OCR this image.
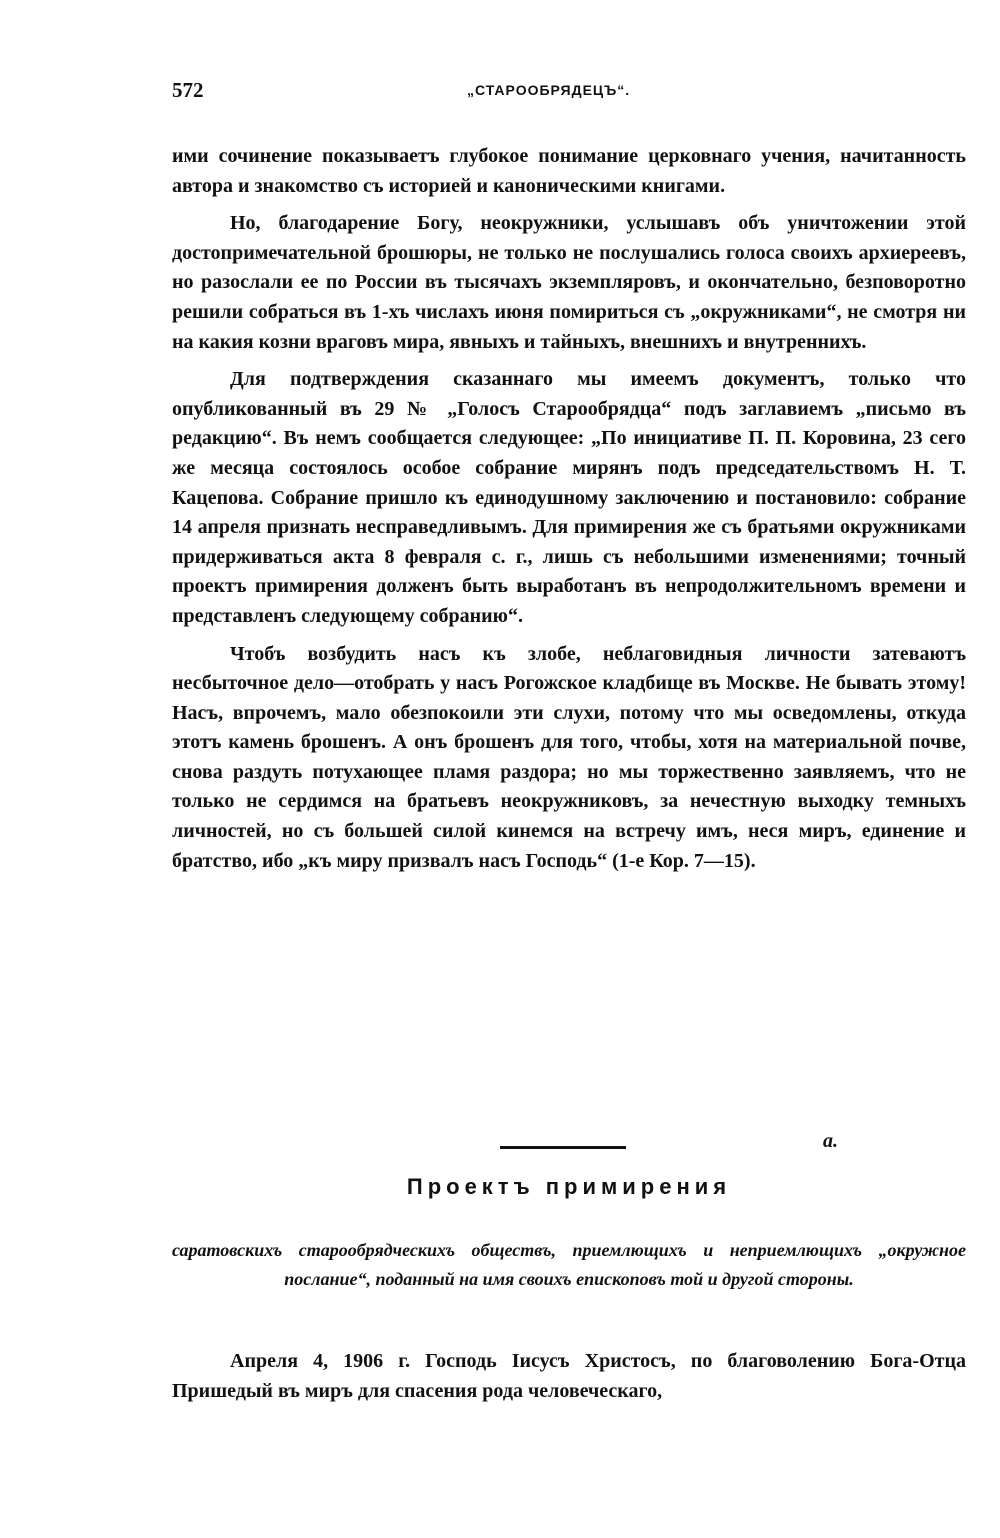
572	„СТАРООБРЯДЕЦЪ“.

ими сочинение показываетъ глубокое понимание церковнаго учения, начитанность автора и знакомство съ историей и каноническими книгами.

Но, благодарение Богу, неокружники, услышавъ объ уничтожении этой достопримечательной брошюры, не только не послушались голоса своихъ архиереевъ, но разослали ее по России въ тысячахъ экземпляровъ, и окончательно, безповоротно решили собраться въ 1-хъ числахъ июня помириться съ „окружниками“, не смотря ни на какия козни враговъ мира, явныхъ и тайныхъ, внешнихъ и внутреннихъ.

Для подтверждения сказаннаго мы имеемъ документъ, только что опубликованный въ 29 № „Голосъ Старообрядца“ подъ заглавиемъ „письмо въ редакцию“. Въ немъ сообщается следующее: „По инициативе П. П. Коровина, 23 сего же месяца состоялось особое собрание мирянъ подъ председательствомъ Н. Т. Кацепова. Собрание пришло къ единодушному заключению и постановило: собрание 14 апреля признать несправедливымъ. Для примирения же съ братьями окружниками придерживаться акта 8 февраля с. г., лишь съ небольшими изменениями; точный проектъ примирения долженъ быть выработанъ въ непродолжительномъ времени и представленъ следующему собранию“.

Чтобъ возбудить насъ къ злобе, неблаговидныя личности затеваютъ несбыточное дело—отобрать у насъ Рогожское кладбище въ Москве. Не бывать этому! Насъ, впрочемъ, мало обезпокоили эти слухи, потому что мы осведомлены, откуда этотъ камень брошенъ. А онъ брошенъ для того, чтобы, хотя на материальной почве, снова раздуть потухающее пламя раздора; но мы торжественно заявляемъ, что не только не сердимся на братьевъ неокружниковъ, за нечестную выходку темныхъ личностей, но съ большей силой кинемся на встречу имъ, неся миръ, единение и братство, ибо „къ миру призвалъ насъ Господь“ (1-е Кор. 7—15).

а.
Проектъ примирения
саратовскихъ старообрядческихъ обществъ, приемлющихъ и неприемлющихъ „окружное послание“, поданный на имя своихъ епископовъ той и другой стороны.

Апреля 4, 1906 г. Господь Iисусъ Христосъ, по благоволению Бога-Отца Пришедый въ миръ для спасения рода человеческаго,
